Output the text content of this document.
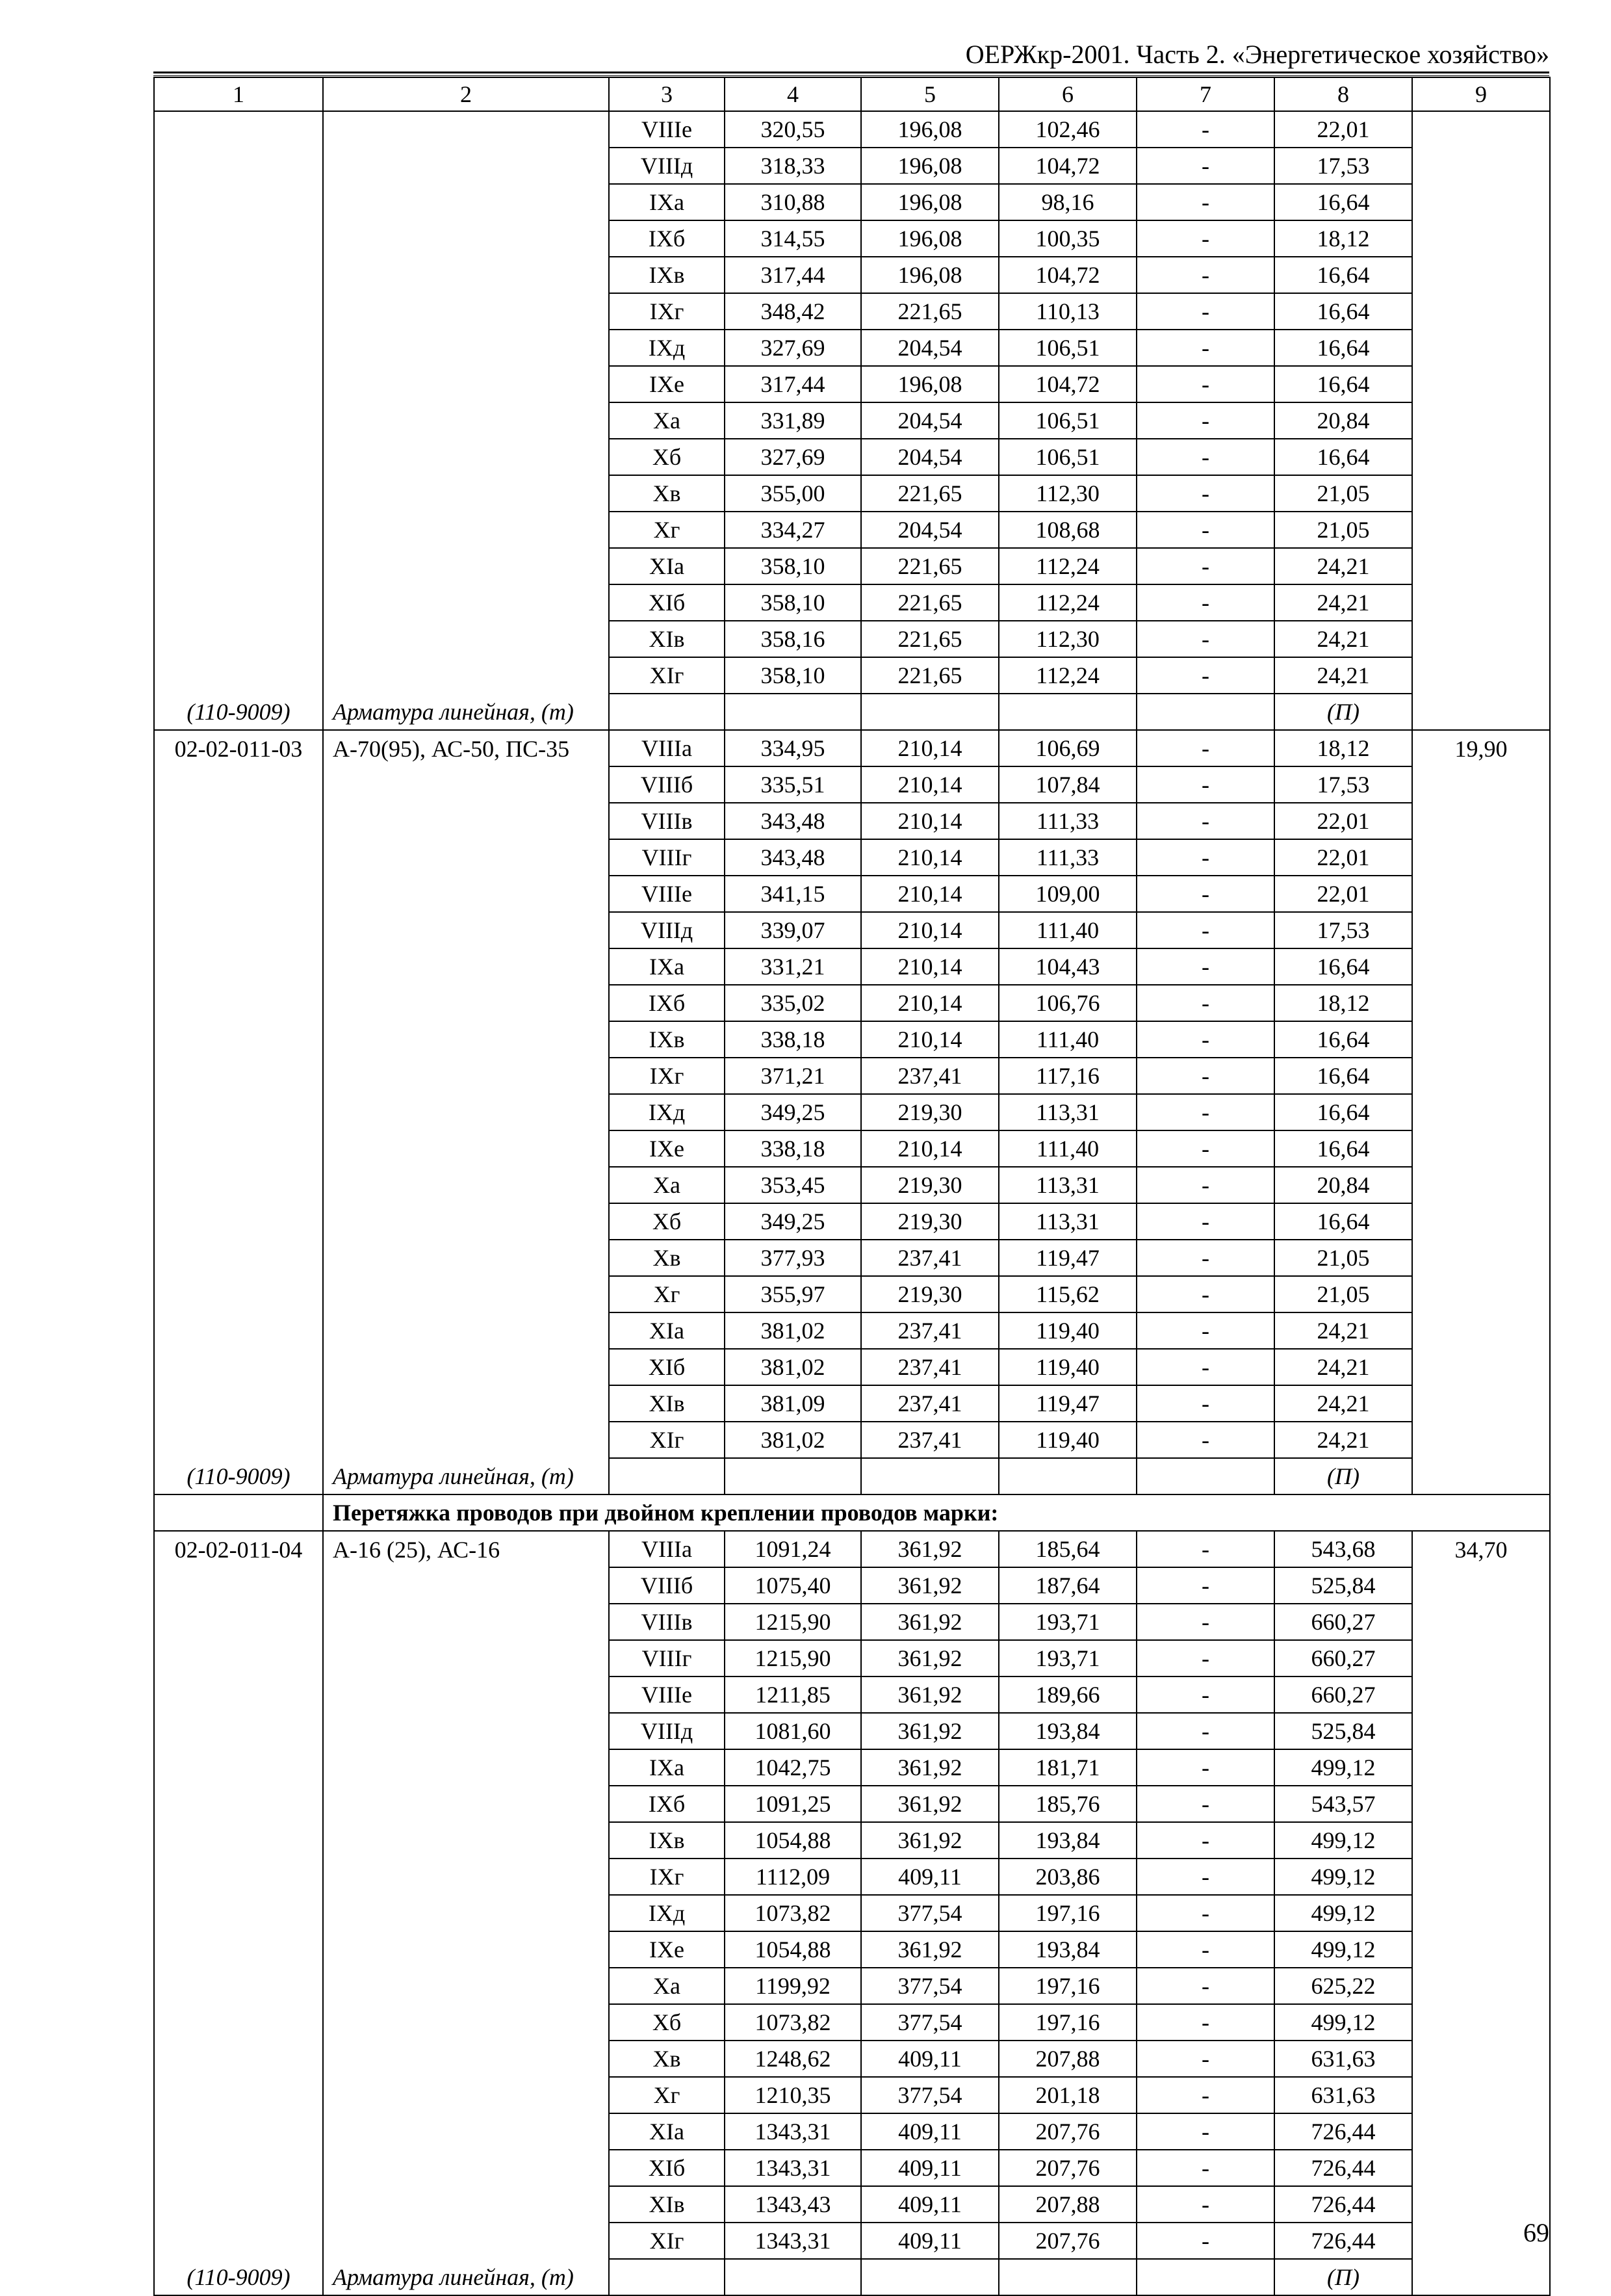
ОЕРЖкр-2001. Часть 2. «Энергетическое хозяйство»
1	2	3	4	5	6	7	8	9
		VIIIе	320,55	196,08	102,46	-	22,01	
		VIIIд	318,33	196,08	104,72	-	17,53	
		IXа	310,88	196,08	98,16	-	16,64	
		IXб	314,55	196,08	100,35	-	18,12	
		IXв	317,44	196,08	104,72	-	16,64	
		IXг	348,42	221,65	110,13	-	16,64	
		IXд	327,69	204,54	106,51	-	16,64	
		IXе	317,44	196,08	104,72	-	16,64	
		Xа	331,89	204,54	106,51	-	20,84	
		Xб	327,69	204,54	106,51	-	16,64	
		Xв	355,00	221,65	112,30	-	21,05	
		Xг	334,27	204,54	108,68	-	21,05	
		XIа	358,10	221,65	112,24	-	24,21	
		XIб	358,10	221,65	112,24	-	24,21	
		XIв	358,16	221,65	112,30	-	24,21	
		XIг	358,10	221,65	112,24	-	24,21	
(110-9009)	Арматура линейная, (т)						(П)	
02-02-011-03	А-70(95), АС-50, ПС-35	VIIIа	334,95	210,14	106,69	-	18,12	19,90
		VIIIб	335,51	210,14	107,84	-	17,53	
		VIIIв	343,48	210,14	111,33	-	22,01	
		VIIIг	343,48	210,14	111,33	-	22,01	
		VIIIе	341,15	210,14	109,00	-	22,01	
		VIIIд	339,07	210,14	111,40	-	17,53	
		IXа	331,21	210,14	104,43	-	16,64	
		IXб	335,02	210,14	106,76	-	18,12	
		IXв	338,18	210,14	111,40	-	16,64	
		IXг	371,21	237,41	117,16	-	16,64	
		IXд	349,25	219,30	113,31	-	16,64	
		IXе	338,18	210,14	111,40	-	16,64	
		Xа	353,45	219,30	113,31	-	20,84	
		Xб	349,25	219,30	113,31	-	16,64	
		Xв	377,93	237,41	119,47	-	21,05	
		Xг	355,97	219,30	115,62	-	21,05	
		XIа	381,02	237,41	119,40	-	24,21	
		XIб	381,02	237,41	119,40	-	24,21	
		XIв	381,09	237,41	119,47	-	24,21	
		XIг	381,02	237,41	119,40	-	24,21	
(110-9009)	Арматура линейная, (т)						(П)	
	Перетяжка проводов при двойном креплении проводов марки:							
02-02-011-04	А-16 (25), АС-16	VIIIа	1091,24	361,92	185,64	-	543,68	34,70
		VIIIб	1075,40	361,92	187,64	-	525,84	
		VIIIв	1215,90	361,92	193,71	-	660,27	
		VIIIг	1215,90	361,92	193,71	-	660,27	
		VIIIе	1211,85	361,92	189,66	-	660,27	
		VIIIд	1081,60	361,92	193,84	-	525,84	
		IXа	1042,75	361,92	181,71	-	499,12	
		IXб	1091,25	361,92	185,76	-	543,57	
		IXв	1054,88	361,92	193,84	-	499,12	
		IXг	1112,09	409,11	203,86	-	499,12	
		IXд	1073,82	377,54	197,16	-	499,12	
		IXе	1054,88	361,92	193,84	-	499,12	
		Xа	1199,92	377,54	197,16	-	625,22	
		Xб	1073,82	377,54	197,16	-	499,12	
		Xв	1248,62	409,11	207,88	-	631,63	
		Xг	1210,35	377,54	201,18	-	631,63	
		XIа	1343,31	409,11	207,76	-	726,44	
		XIб	1343,31	409,11	207,76	-	726,44	
		XIв	1343,43	409,11	207,88	-	726,44	
		XIг	1343,31	409,11	207,76	-	726,44	
(110-9009)	Арматура линейная, (т)						(П)	
69
